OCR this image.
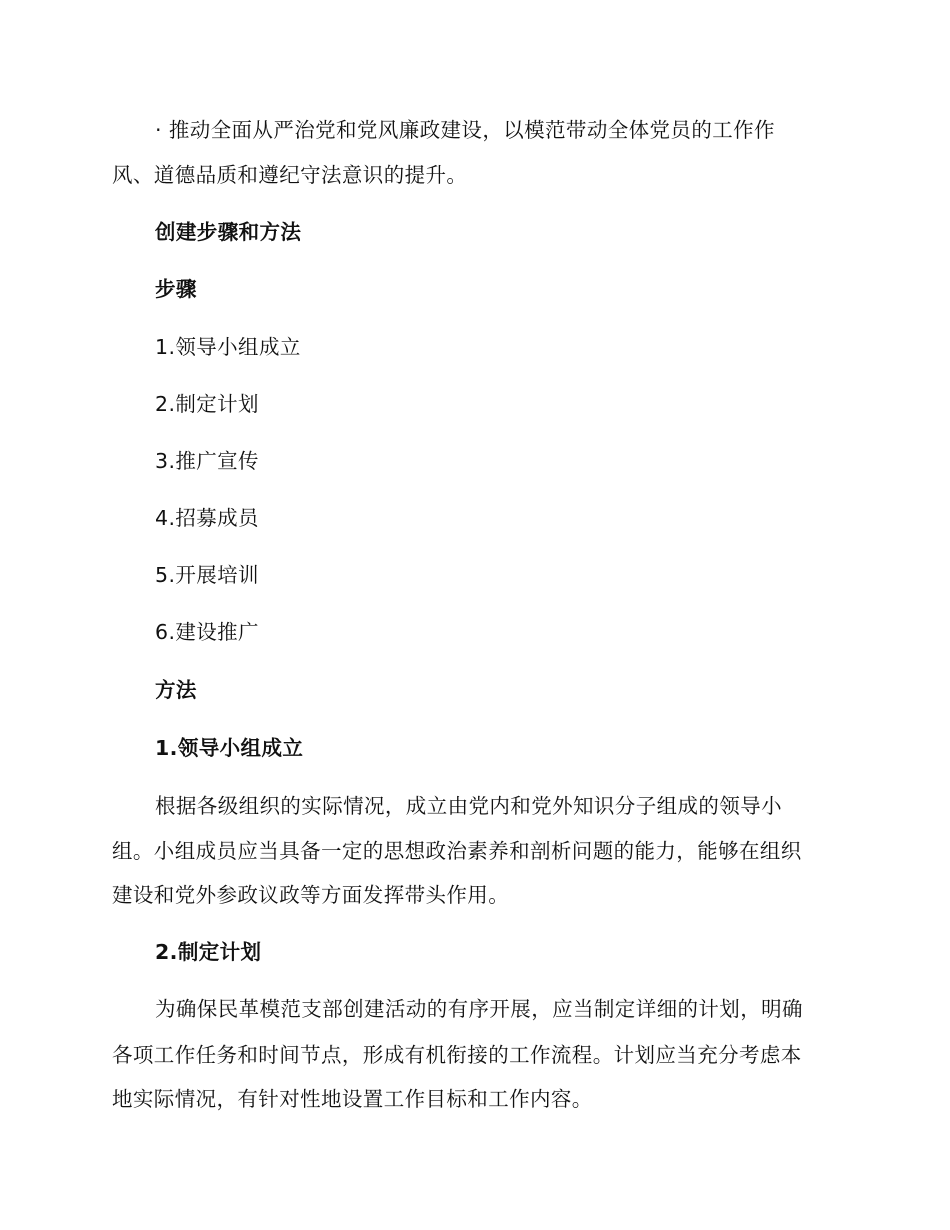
· 推动全面从严治党和党风廉政建设，以模范带动全体党员的工作作
风、道德品质和遵纪守法意识的提升。
创建步骤和方法
步骤
1.领导小组成立
2.制定计划
3.推广宣传
4.招募成员
5.开展培训
6.建设推广
方法
1.领导小组成立
根据各级组织的实际情况，成立由党内和党外知识分子组成的领导小
组。小组成员应当具备一定的思想政治素养和剖析问题的能力，能够在组织
建设和党外参政议政等方面发挥带头作用。
2.制定计划
为确保民革模范支部创建活动的有序开展，应当制定详细的计划，明确
各项工作任务和时间节点，形成有机衔接的工作流程。计划应当充分考虑本
地实际情况，有针对性地设置工作目标和工作内容。
